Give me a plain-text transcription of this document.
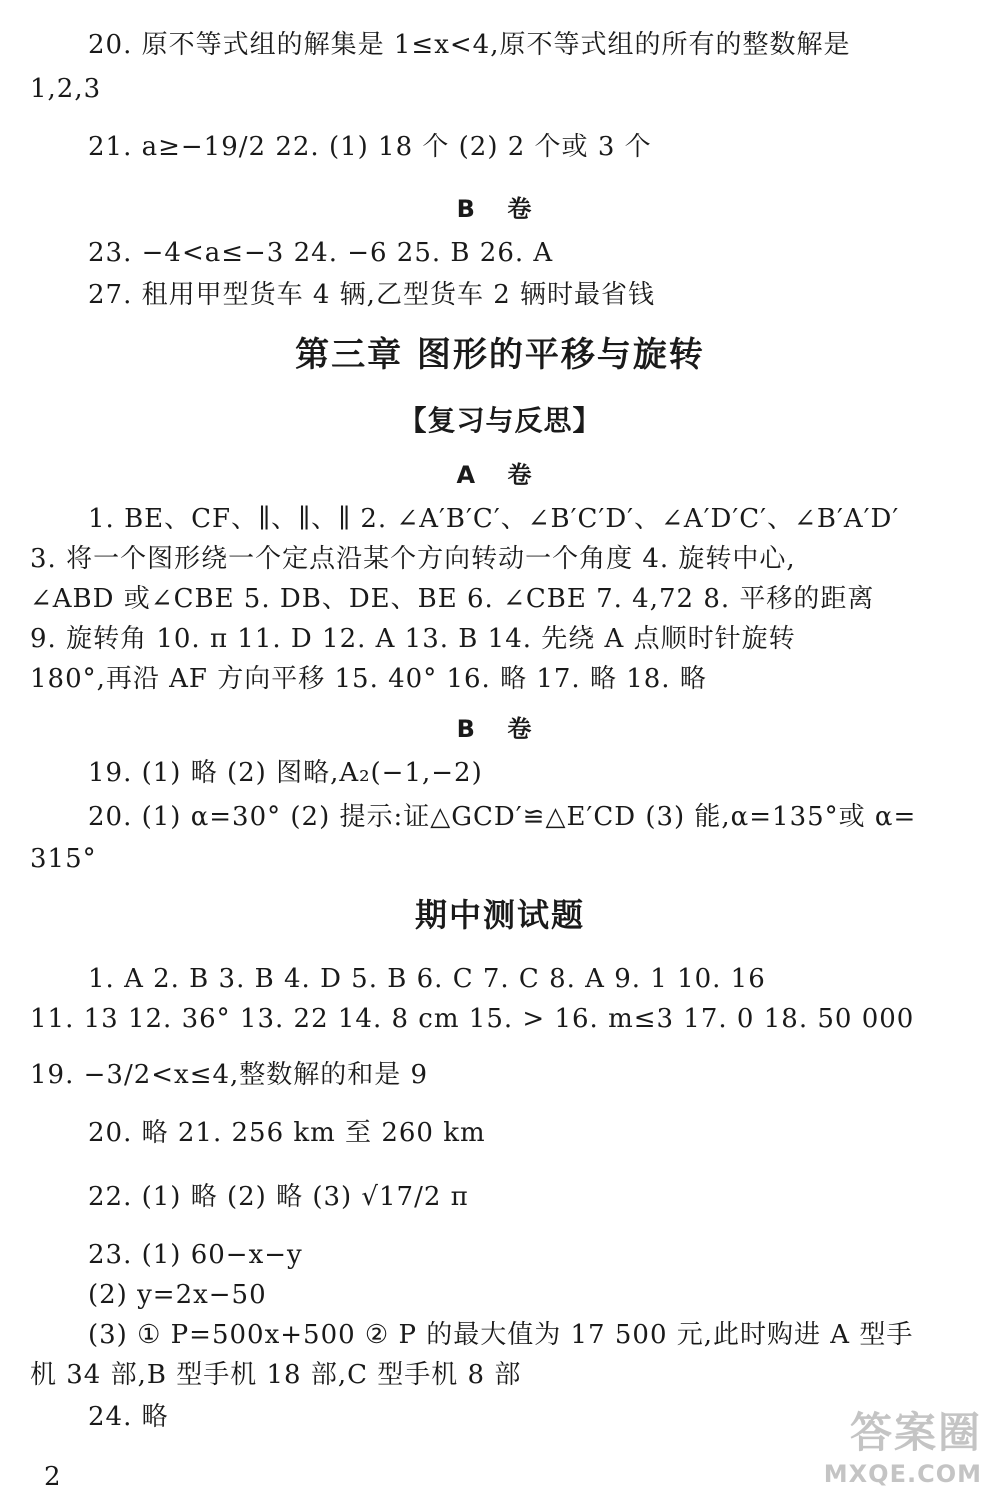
20. 原不等式组的解集是 1≤x<4,原不等式组的所有的整数解是
1,2,3
21. a≥−19/2 22. (1) 18 个 (2) 2 个或 3 个
B 卷
23. −4<a≤−3 24. −6 25. B 26. A
27. 租用甲型货车 4 辆,乙型货车 2 辆时最省钱
第三章 图形的平移与旋转
【复习与反思】
A 卷
1. BE、CF、∥、∥、∥ 2. ∠A′B′C′、∠B′C′D′、∠A′D′C′、∠B′A′D′
3. 将一个图形绕一个定点沿某个方向转动一个角度 4. 旋转中心,
∠ABD 或∠CBE 5. DB、DE、BE 6. ∠CBE 7. 4,72 8. 平移的距离
9. 旋转角 10. π 11. D 12. A 13. B 14. 先绕 A 点顺时针旋转
180°,再沿 AF 方向平移 15. 40° 16. 略 17. 略 18. 略
B 卷
19. (1) 略 (2) 图略,A₂(−1,−2)
20. (1) α=30° (2) 提示:证△GCD′≌△E′CD (3) 能,α=135°或 α=
315°
期中测试题
1. A 2. B 3. B 4. D 5. B 6. C 7. C 8. A 9. 1 10. 16
11. 13 12. 36° 13. 22 14. 8 cm 15. > 16. m≤3 17. 0 18. 50 000
19. −3/2<x≤4,整数解的和是 9
20. 略 21. 256 km 至 260 km
22. (1) 略 (2) 略 (3) √17/2 π
23. (1) 60−x−y
(2) y=2x−50
(3) ① P=500x+500 ② P 的最大值为 17 500 元,此时购进 A 型手
机 34 部,B 型手机 18 部,C 型手机 8 部
24. 略
2
答案圈
MXQE.COM
